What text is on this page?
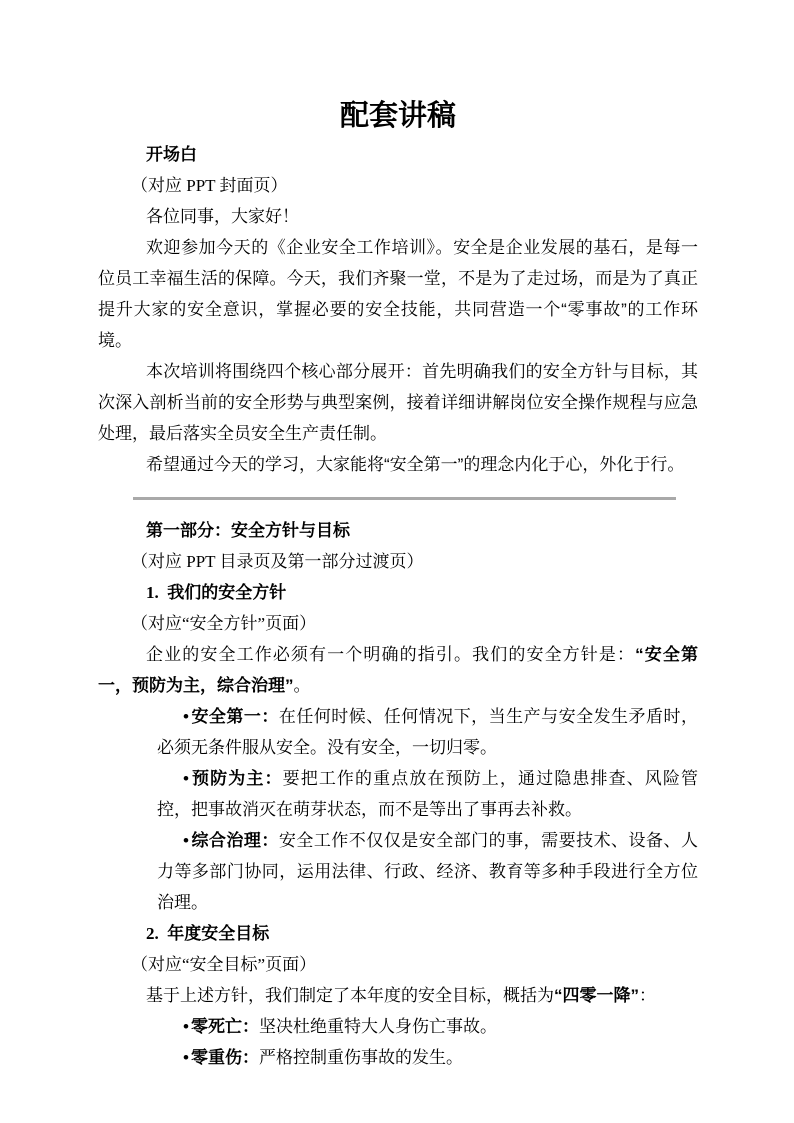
配套讲稿

开场白

（对应 PPT 封面页）

各位同事，大家好！

欢迎参加今天的《企业安全工作培训》。安全是企业发展的基石，是每一位员工幸福生活的保障。今天，我们齐聚一堂，不是为了走过场，而是为了真正提升大家的安全意识，掌握必要的安全技能，共同营造一个“零事故”的工作环境。

本次培训将围绕四个核心部分展开：首先明确我们的安全方针与目标，其次深入剖析当前的安全形势与典型案例，接着详细讲解岗位安全操作规程与应急处理，最后落实全员安全生产责任制。

希望通过今天的学习，大家能将“安全第一”的理念内化于心，外化于行。

第一部分：安全方针与目标

（对应 PPT 目录页及第一部分过渡页）

1.  我们的安全方针

（对应“安全方针”页面）

企业的安全工作必须有一个明确的指引。我们的安全方针是：“安全第一，预防为主，综合治理”。

• 安全第一：在任何时候、任何情况下，当生产与安全发生矛盾时，必须无条件服从安全。没有安全，一切归零。

• 预防为主：要把工作的重点放在预防上，通过隐患排查、风险管控，把事故消灭在萌芽状态，而不是等出了事再去补救。

• 综合治理：安全工作不仅仅是安全部门的事，需要技术、设备、人力等多部门协同，运用法律、行政、经济、教育等多种手段进行全方位治理。

2.  年度安全目标

（对应“安全目标”页面）

基于上述方针，我们制定了本年度的安全目标，概括为“四零一降”：

• 零死亡：坚决杜绝重特大人身伤亡事故。

• 零重伤：严格控制重伤事故的发生。
